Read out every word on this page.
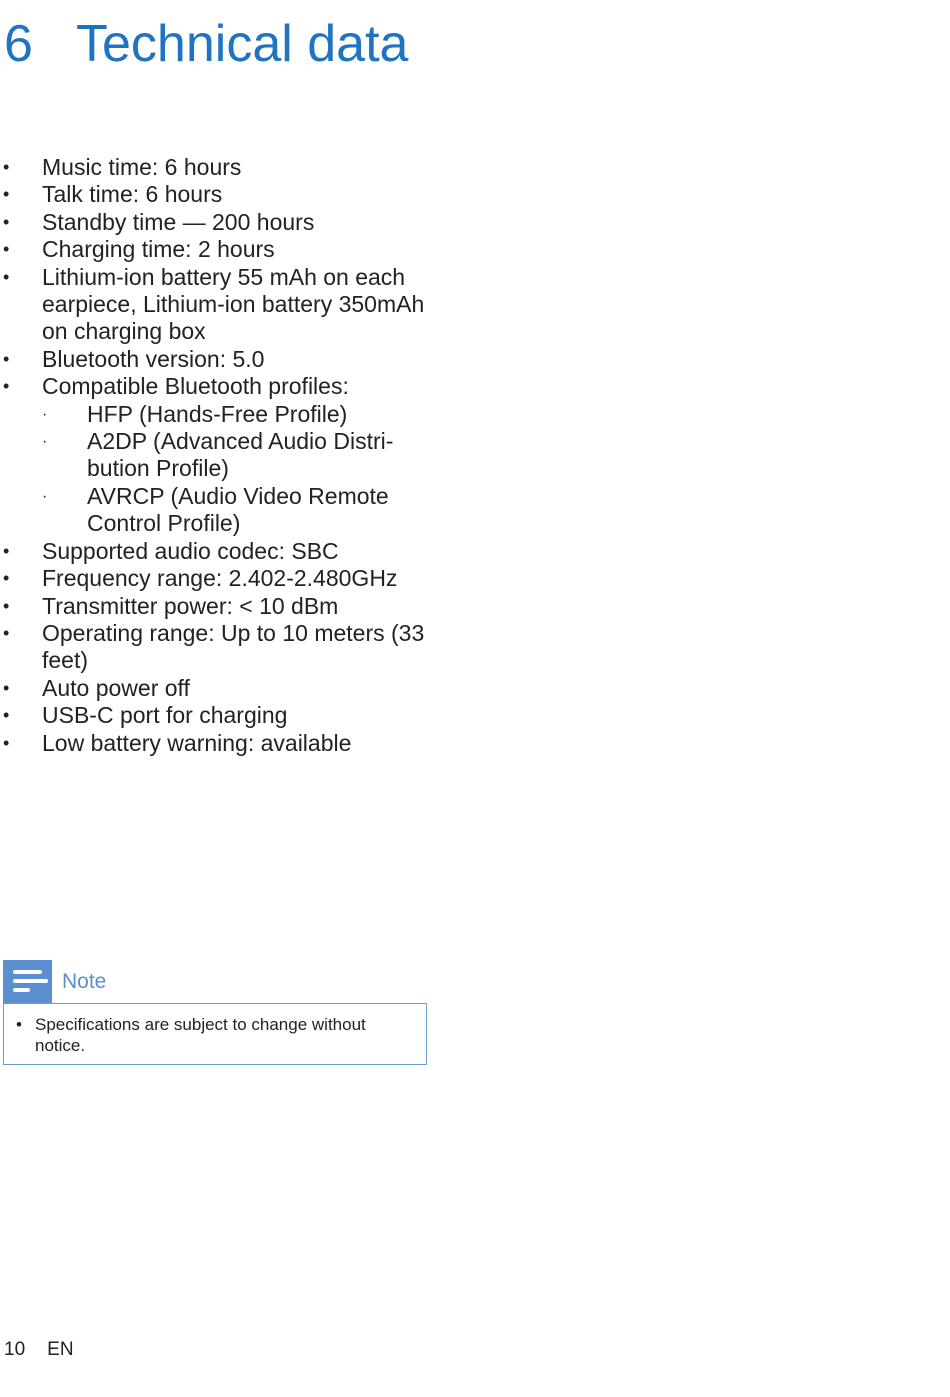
6 Technical data
• Music time: 6 hours
• Talk time: 6 hours
• Standby time — 200 hours
• Charging time: 2 hours
• Lithium-ion battery 55 mAh on each earpiece, Lithium-ion battery 350mAh on charging box
• Bluetooth version: 5.0
• Compatible Bluetooth profiles:
· HFP (Hands-Free Profile)
· A2DP (Advanced Audio Distri-bution Profile)
· AVRCP (Audio Video Remote Control Profile)
• Supported audio codec: SBC
• Frequency range: 2.402-2.480GHz
• Transmitter power: < 10 dBm
• Operating range: Up to 10 meters (33 feet)
• Auto power off
• USB-C port for charging
• Low battery warning: available
Note
• Specifications are subject to change without notice.
10 EN
